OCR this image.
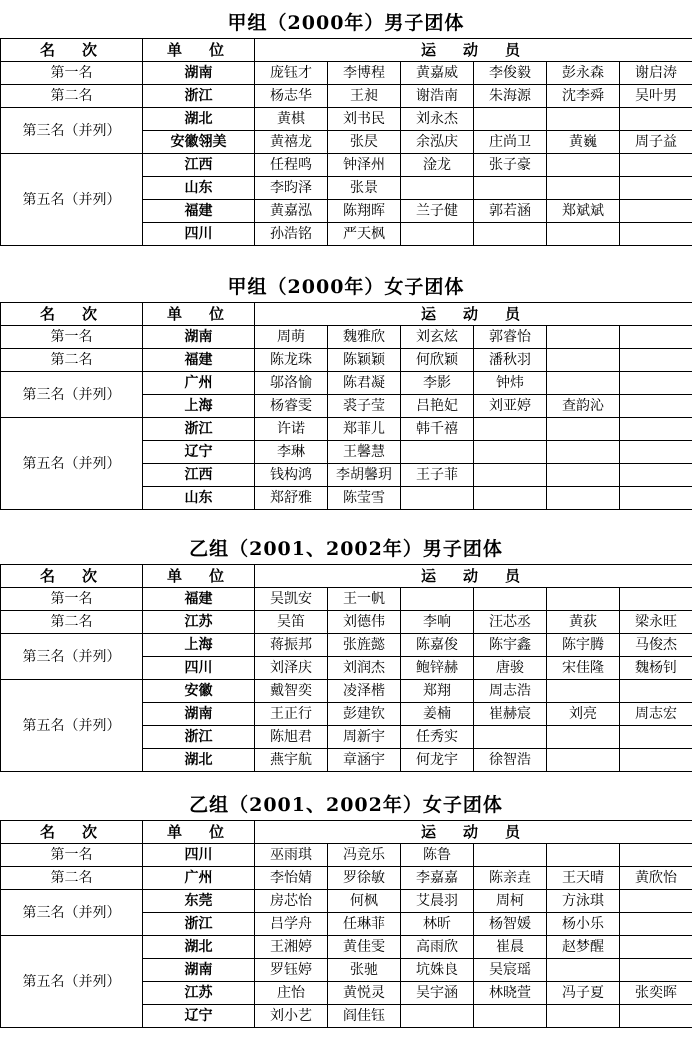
甲组（2000年）男子团体
名　次	单　位	运　动　员					
第一名	湖南	庞钰才	李博程	黄嘉威	李俊毅	彭永森	谢启涛
第二名	浙江	杨志华	王昶	谢浩南	朱海源	沈李舜	吴叶男
第三名（并列）	湖北	黄棋	刘书民	刘永杰			
	安徽翎美	黄禧龙	张昃	余泓庆	庄尚卫	黄巍	周子益
第五名（并列）	江西	任程鸣	钟泽州	淦龙	张子豪		
	山东	李昀泽	张景				
	福建	黄嘉泓	陈翔晖	兰子健	郭若涵	郑斌斌	
	四川	孙浩铭	严天枫				
甲组（2000年）女子团体
名　次	单　位	运　动　员					
第一名	湖南	周萌	魏雅欣	刘玄炫	郭睿怡		
第二名	福建	陈龙珠	陈颖颖	何欣颖	潘秋羽		
第三名（并列）	广州	邬洛愉	陈君凝	李影	钟炜		
	上海	杨睿雯	裘子莹	吕艳妃	刘亚婷	查韵沁	
第五名（并列）	浙江	许诺	郑菲儿	韩千禧			
	辽宁	李琳	王馨慧				
	江西	钱构鸿	李胡馨玥	王子菲			
	山东	郑舒雅	陈莹雪				
乙组（2001、2002年）男子团体
名　次	单　位	运　动　员					
第一名	福建	吴凯安	王一帆				
第二名	江苏	吴笛	刘德伟	李响	汪芯丞	黄荻	梁永旺
第三名（并列）	上海	蒋振邦	张旌懿	陈嘉俊	陈宇鑫	陈宇腾	马俊杰
	四川	刘泽庆	刘润杰	鲍锌赫	唐骏	宋佳隆	魏杨钊
第五名（并列）	安徽	戴智奕	凌泽楷	郑翔	周志浩		
	湖南	王正行	彭建钦	姜楠	崔赫宸	刘亮	周志宏
	浙江	陈旭君	周新宇	任秀实			
	湖北	燕宇航	章涵宇	何龙宇	徐智浩		
乙组（2001、2002年）女子团体
名　次	单　位	运　动　员					
第一名	四川	巫雨琪	冯竞乐	陈鲁			
第二名	广州	李怡婧	罗徐敏	李嘉嘉	陈亲垚	王天晴	黄欣怡
第三名（并列）	东莞	房芯怡	何枫	艾晨羽	周柯	方泳琪	
	浙江	吕学舟	任琳菲	林昕	杨智媛	杨小乐	
第五名（并列）	湖北	王湘婷	黄佳雯	高雨欣	崔晨	赵梦醒	
	湖南	罗钰婷	张驰	坑姝良	吴宸瑶		
	江苏	庄怡	黄悦灵	吴宇涵	林晓萱	冯子夏	张奕晖
	辽宁	刘小艺	阎佳钰				
